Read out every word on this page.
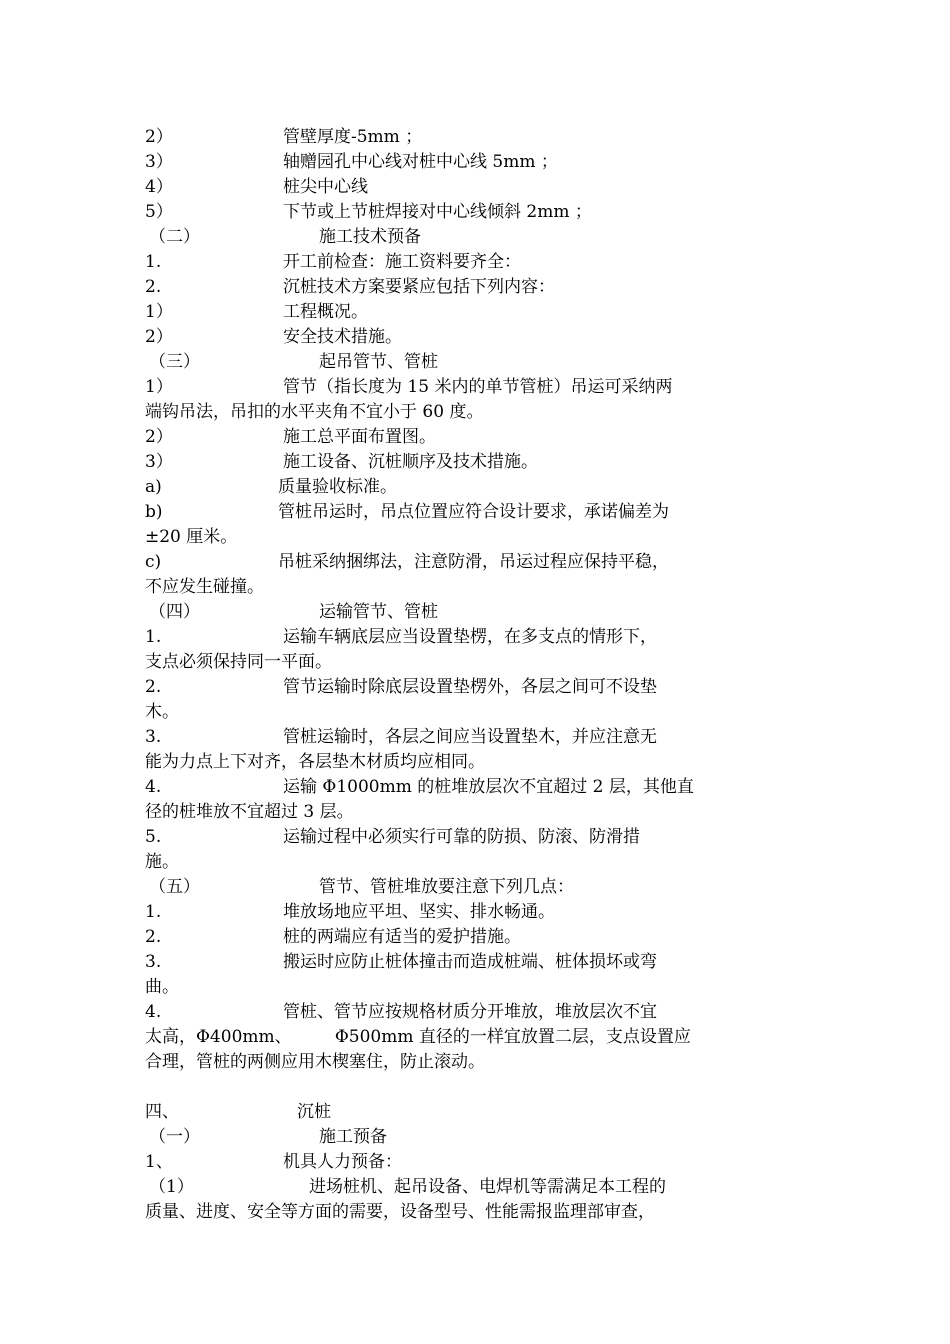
2）	管壁厚度-5mm ；
3）	轴赠园孔中心线对桩中心线 5mm ；
4）	桩尖中心线
5）	下节或上节桩焊接对中心线倾斜 2mm ；
（二）	施工技术预备
1.	开工前检查：施工资料要齐全：
2.	沉桩技术方案要紧应包括下列内容：
1）	工程概况。
2）	安全技术措施。
（三）	起吊管节、管桩
1）	管节（指长度为 15 米内的单节管桩）吊运可采纳两
端钩吊法，吊扣的水平夹角不宜小于 60 度。
2）	施工总平面布置图。
3）	施工设备、沉桩顺序及技术措施。
a)	质量验收标准。
b)	管桩吊运时，吊点位置应符合设计要求，承诺偏差为
±20 厘米。
c)	吊桩采纳捆绑法，注意防滑，吊运过程应保持平稳，
不应发生碰撞。
（四）	运输管节、管桩
1.	运输车辆底层应当设置垫楞，在多支点的情形下，
支点必须保持同一平面。
2.	管节运输时除底层设置垫楞外，各层之间可不设垫
木。
3.	管桩运输时，各层之间应当设置垫木，并应注意无
能为力点上下对齐，各层垫木材质均应相同。
4.	运输 Φ1000mm 的桩堆放层次不宜超过 2 层，其他直
径的桩堆放不宜超过 3 层。
5.	运输过程中必须实行可靠的防损、防滚、防滑措
施。
（五）	管节、管桩堆放要注意下列几点：
1.	堆放场地应平坦、坚实、排水畅通。
2.	桩的两端应有适当的爱护措施。
3.	搬运时应防止桩体撞击而造成桩端、桩体损坏或弯
曲。
4.	管桩、管节应按规格材质分开堆放，堆放层次不宜
太高，Φ400mm、        Φ500mm 直径的一样宜放置二层，支点设置应
合理，管桩的两侧应用木楔塞住，防止滚动。
四、	沉桩
（一）	施工预备
1、	机具人力预备：
（1）	进场桩机、起吊设备、电焊机等需满足本工程的
质量、进度、安全等方面的需要，设备型号、性能需报监理部审查，
